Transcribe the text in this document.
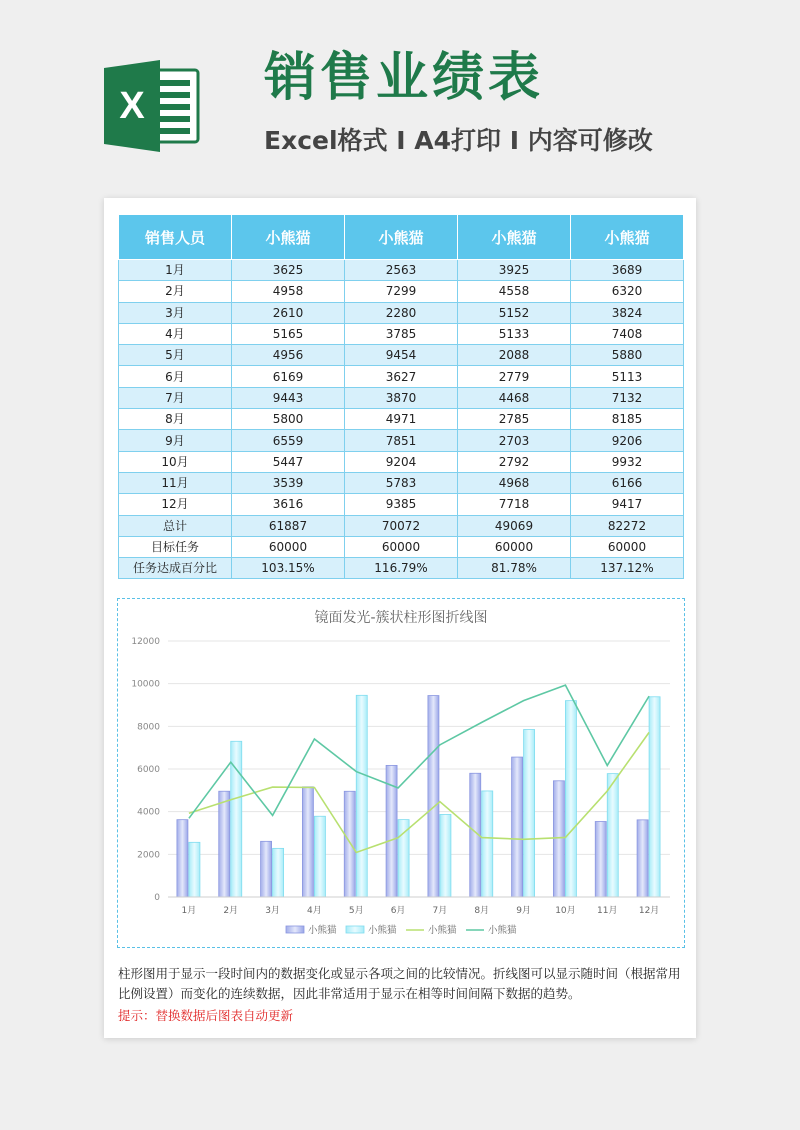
X 销售业绩表
Excel格式 I A4打印 I 内容可修改
销售人员	小熊猫	小熊猫	小熊猫	小熊猫
1月	3625	2563	3925	3689
2月	4958	7299	4558	6320
3月	2610	2280	5152	3824
4月	5165	3785	5133	7408
5月	4956	9454	2088	5880
6月	6169	3627	2779	5113
7月	9443	3870	4468	7132
8月	5800	4971	2785	8185
9月	6559	7851	2703	9206
10月	5447	9204	2792	9932
11月	3539	5783	4968	6166
12月	3616	9385	7718	9417
总计	61887	70072	49069	82272
目标任务	60000	60000	60000	60000
任务达成百分比	103.15%	116.79%	81.78%	137.12%
镜面发光-簇状柱形图折线图
0
2000
4000
6000
8000
10000
12000
1月	2月	3月	4月	5月	6月	7月	8月	9月	10月 11月 12月
小熊猫	小熊猫	小熊猫	小熊猫
柱形图用于显示一段时间内的数据变化或显示各项之间的比较情况。折线图可以显示随时间（根据常用比例设置）而变化的连续数据，因此非常适用于显示在相等时间间隔下数据的趋势。
提示：替换数据后图表自动更新
